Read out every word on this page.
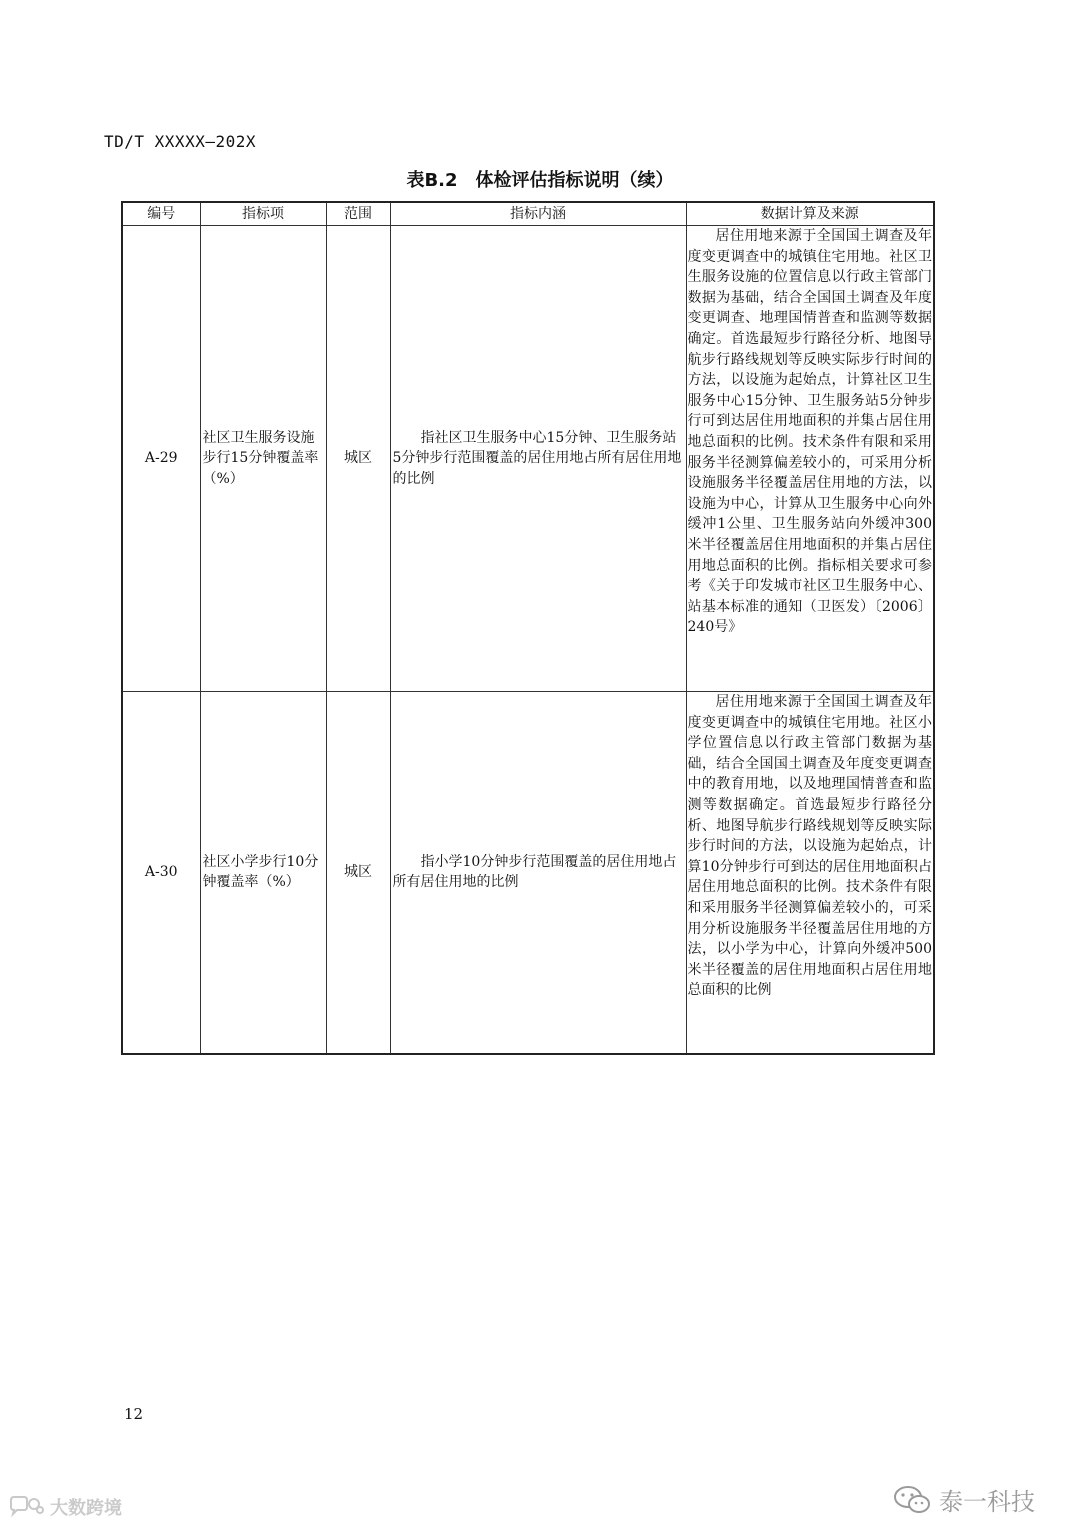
TD/T XXXXX—202X
表B.2　体检评估指标说明（续）
编号	指标项	范围	指标内涵	数据计算及来源
A-29	社区卫生服务设施步行15分钟覆盖率（%）	城区	指社区卫生服务中心15分钟、卫生服务站5分钟步行范围覆盖的居住用地占所有居住用地的比例	居住用地来源于全国国土调查及年度变更调查中的城镇住宅用地。社区卫生服务设施的位置信息以行政主管部门数据为基础，结合全国国土调查及年度变更调查、地理国情普查和监测等数据确定。首选最短步行路径分析、地图导航步行路线规划等反映实际步行时间的方法，以设施为起始点，计算社区卫生服务中心15分钟、卫生服务站5分钟步行可到达居住用地面积的并集占居住用地总面积的比例。技术条件有限和采用服务半径测算偏差较小的，可采用分析设施服务半径覆盖居住用地的方法，以设施为中心，计算从卫生服务中心向外缓冲1公里、卫生服务站向外缓冲300米半径覆盖居住用地面积的并集占居住用地总面积的比例。指标相关要求可参考《关于印发城市社区卫生服务中心、站基本标准的通知（卫医发）〔2006〕240号》
A-30	社区小学步行10分钟覆盖率（%）	城区	指小学10分钟步行范围覆盖的居住用地占所有居住用地的比例	居住用地来源于全国国土调查及年度变更调查中的城镇住宅用地。社区小学位置信息以行政主管部门数据为基础，结合全国国土调查及年度变更调查中的教育用地，以及地理国情普查和监测等数据确定。首选最短步行路径分析、地图导航步行路线规划等反映实际步行时间的方法，以设施为起始点，计算10分钟步行可到达的居住用地面积占居住用地总面积的比例。技术条件有限和采用服务半径测算偏差较小的，可采用分析设施服务半径覆盖居住用地的方法，以小学为中心，计算向外缓冲500米半径覆盖的居住用地面积占居住用地总面积的比例
12
大数跨境	泰一科技
